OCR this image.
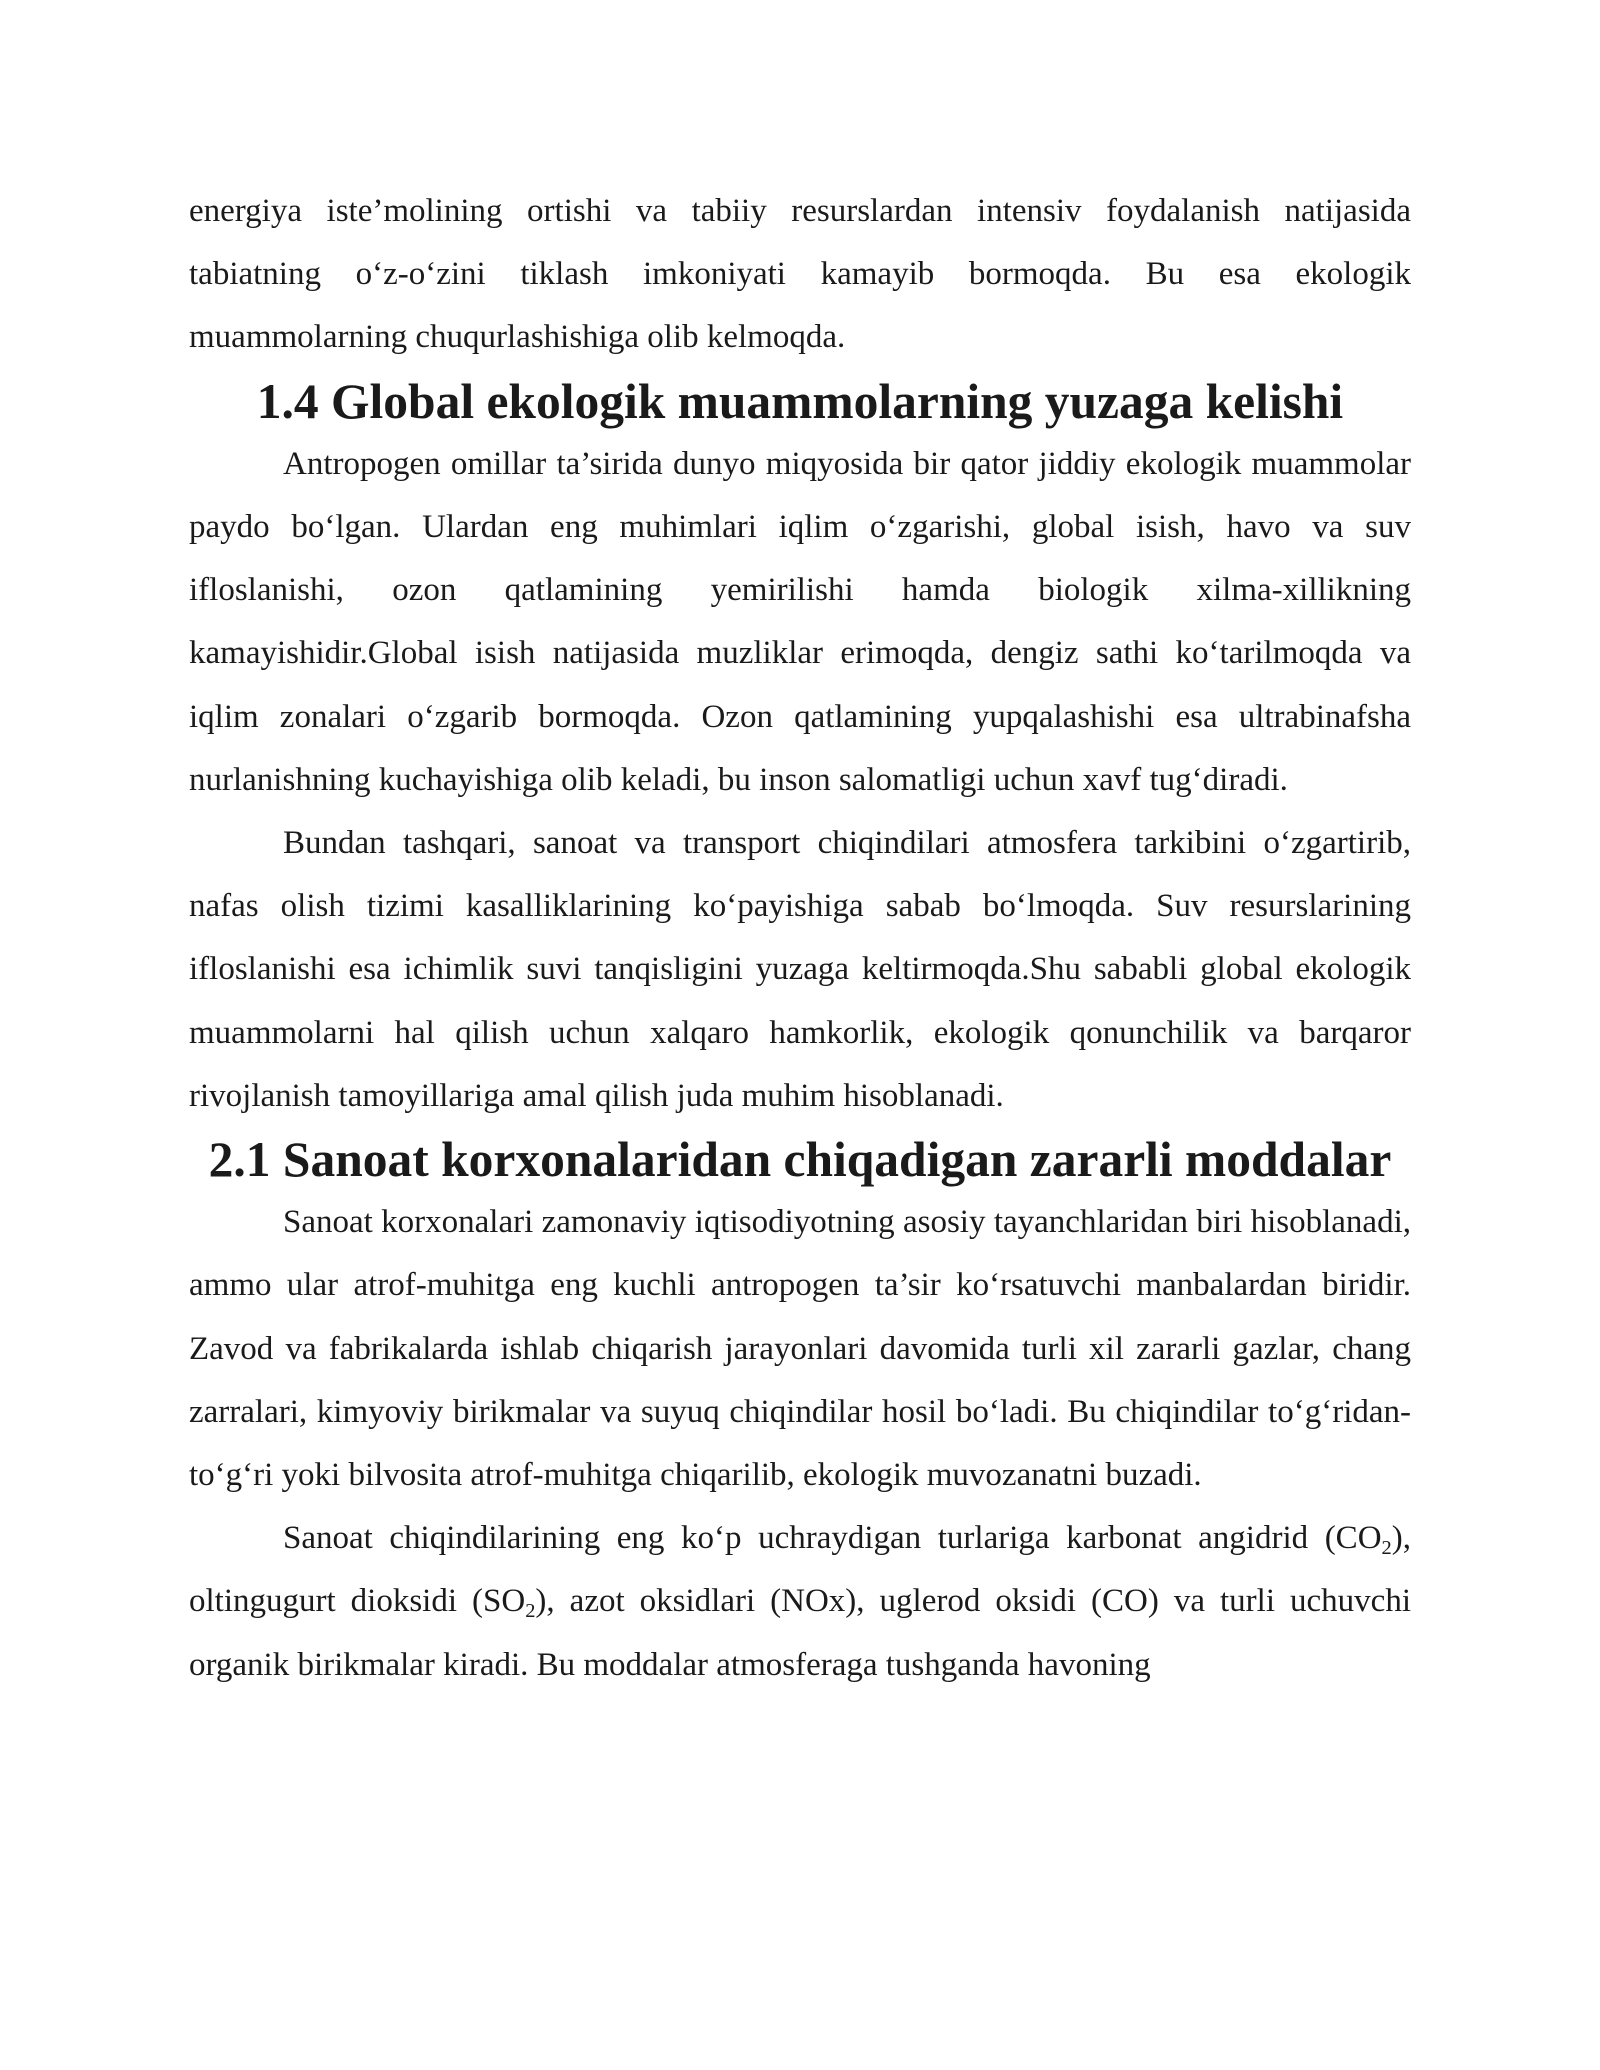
energiya iste’molining ortishi va tabiiy resurslardan intensiv foydalanish natijasida tabiatning o‘z-o‘zini tiklash imkoniyati kamayib bormoqda. Bu esa ekologik muammolarning chuqurlashishiga olib kelmoqda.

1.4 Global ekologik muammolarning yuzaga kelishi

Antropogen omillar ta’sirida dunyo miqyosida bir qator jiddiy ekologik muammolar paydo bo‘lgan. Ulardan eng muhimlari iqlim o‘zgarishi, global isish, havo va suv ifloslanishi, ozon qatlamining yemirilishi hamda biologik xilma-xillikning kamayishidir.Global isish natijasida muzliklar erimoqda, dengiz sathi ko‘tarilmoqda va iqlim zonalari o‘zgarib bormoqda. Ozon qatlamining yupqalashishi esa ultrabinafsha nurlanishning kuchayishiga olib keladi, bu inson salomatligi uchun xavf tug‘diradi.

Bundan tashqari, sanoat va transport chiqindilari atmosfera tarkibini o‘zgartirib, nafas olish tizimi kasalliklarining ko‘payishiga sabab bo‘lmoqda. Suv resurslarining ifloslanishi esa ichimlik suvi tanqisligini yuzaga keltirmoqda.Shu sababli global ekologik muammolarni hal qilish uchun xalqaro hamkorlik, ekologik qonunchilik va barqaror rivojlanish tamoyillariga amal qilish juda muhim hisoblanadi.

2.1 Sanoat korxonalaridan chiqadigan zararli moddalar

Sanoat korxonalari zamonaviy iqtisodiyotning asosiy tayanchlaridan biri hisoblanadi, ammo ular atrof-muhitga eng kuchli antropogen ta’sir ko‘rsatuvchi manbalardan biridir. Zavod va fabrikalarda ishlab chiqarish jarayonlari davomida turli xil zararli gazlar, chang zarralari, kimyoviy birikmalar va suyuq chiqindilar hosil bo‘ladi. Bu chiqindilar to‘g‘ridan-to‘g‘ri yoki bilvosita atrof-muhitga chiqarilib, ekologik muvozanatni buzadi.

Sanoat chiqindilarining eng ko‘p uchraydigan turlariga karbonat angidrid $(CO_2)$, oltingugurt dioksidi $(SO_2)$, azot oksidlari (NOx), uglerod oksidi (CO) va turli uchuvchi organik birikmalar kiradi. Bu moddalar atmosferaga tushganda havoning
